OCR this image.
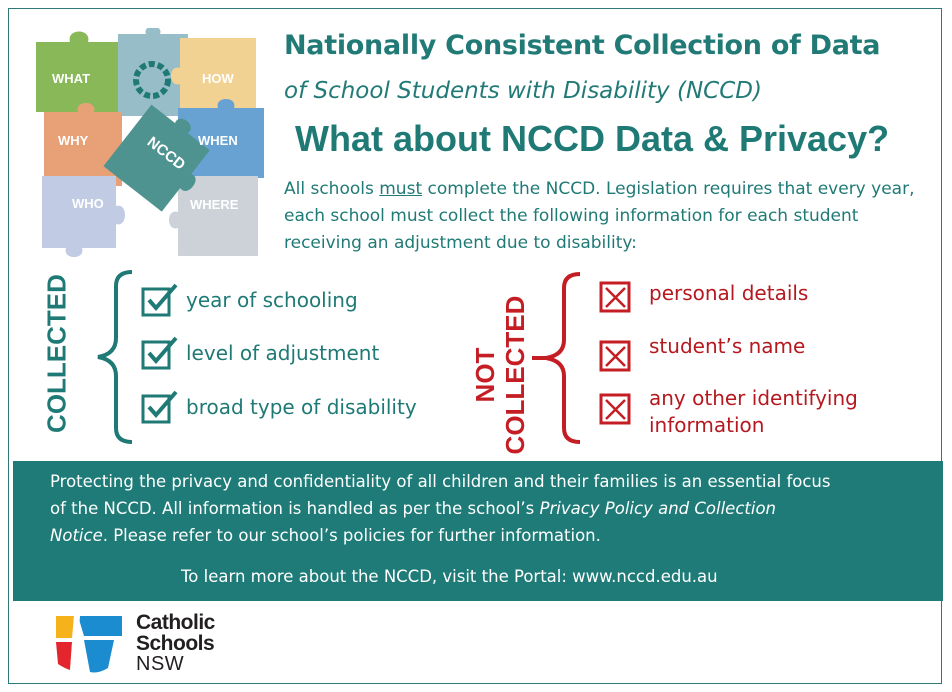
WHAT	HOW
WHY	WHEN
WHO	WHERE
NCCD
Nationally Consistent Collection of Data
of School Students with Disability (NCCD)
What about NCCD Data & Privacy?
All schools must complete the NCCD. Legislation requires that every year, each school must collect the following information for each student receiving an adjustment due to disability:
COLLECTED	year of schooling
level of adjustment
broad type of disability
NOT
COLLECTED
personal details
student’s name
any other identifying
information

Protecting the privacy and confidentiality of all children and their families is an essential focus

of the NCCD. All information is handled as per the school’s Privacy Policy and Collection

Notice. Please refer to our school’s policies for further information.

To learn more about the NCCD, visit the Portal: www.nccd.edu.au

Catholic
Schools
NSW
